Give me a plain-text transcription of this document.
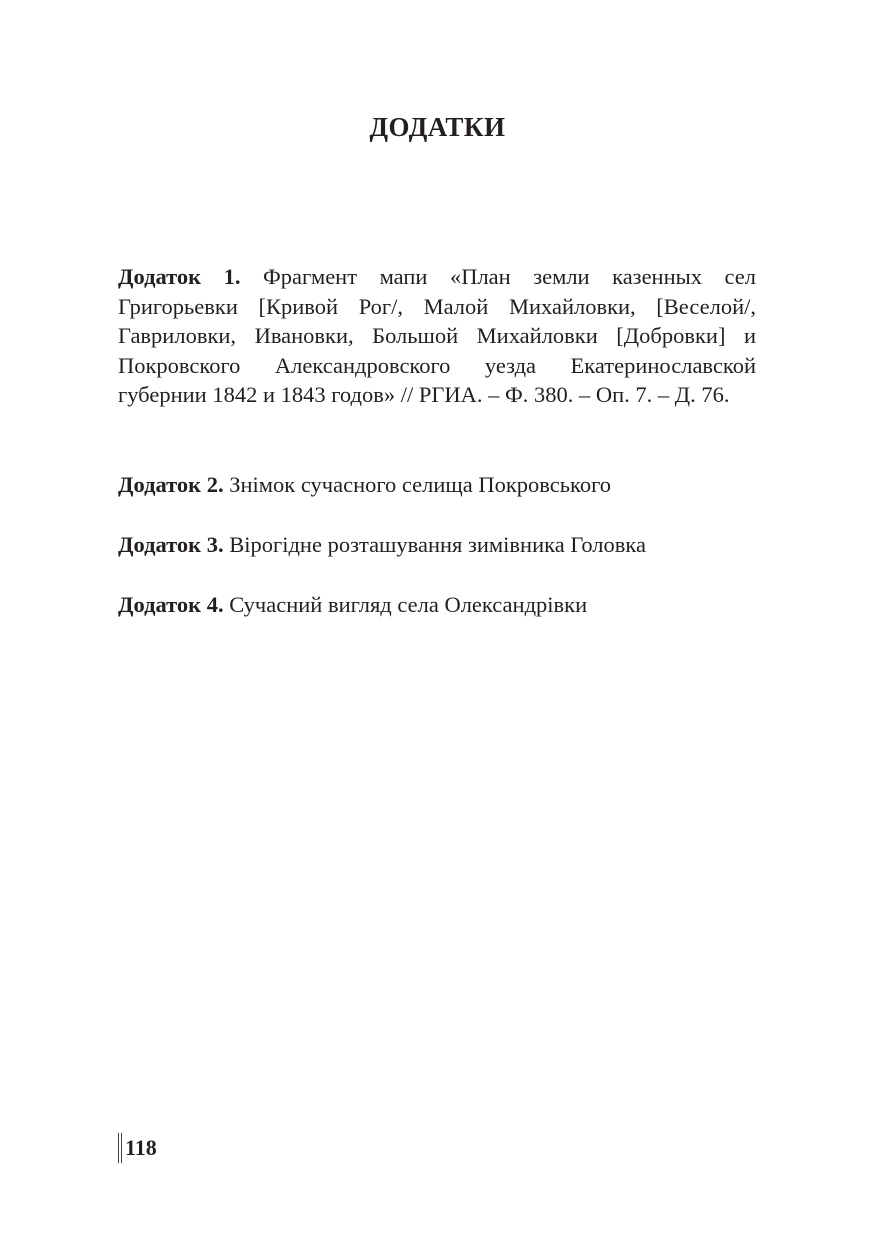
ДОДАТКИ

Додаток 1. Фрагмент мапи «План земли казенных сел Григорьевки [Кривой Рог/, Малой Михайловки, [Веселой/, Гавриловки, Ивановки, Большой Михайловки [Добровки] и Покровского Александровского уезда Екатеринославской губернии 1842 и 1843 годов» // РГИА. – Ф. 380. – Оп. 7. – Д. 76.

Додаток 2. Знімок сучасного селища Покровського

Додаток 3. Вірогідне розташування зимівника Головка

Додаток 4. Сучасний вигляд села Олександрівки

118
